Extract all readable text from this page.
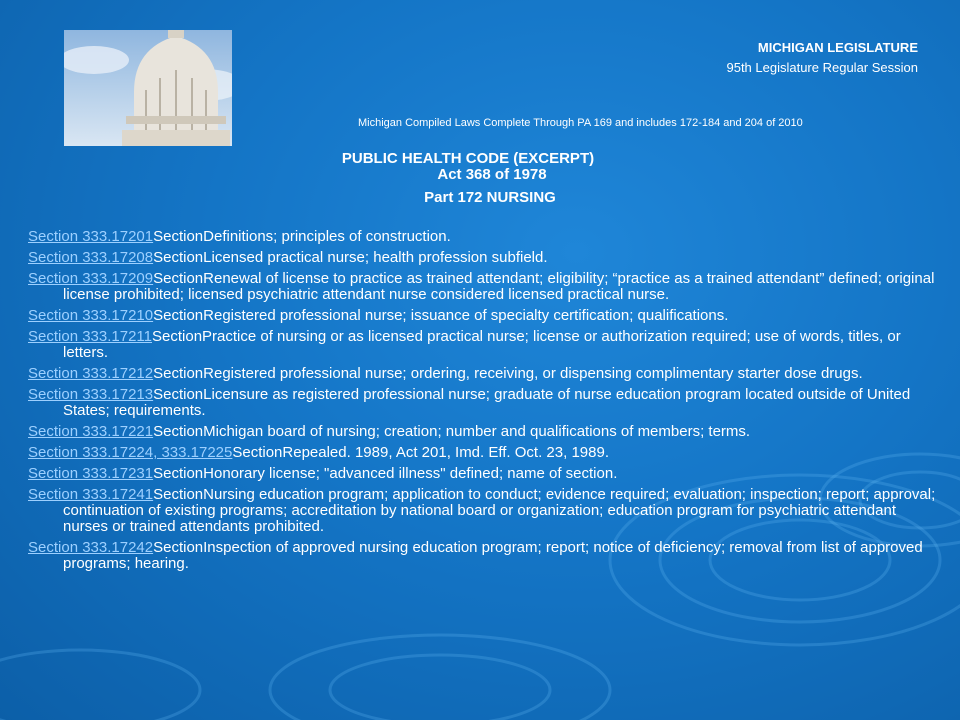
MICHIGAN LEGISLATURE
95th Legislature Regular Session
Michigan Compiled Laws Complete Through PA 169 and includes 172-184 and 204 of 2010
PUBLIC HEALTH CODE (EXCERPT)
Act 368 of 1978
Part 172 NURSING
Section 333.17201SectionDefinitions; principles of construction.
Section 333.17208SectionLicensed practical nurse; health profession subfield.
Section 333.17209SectionRenewal of license to practice as trained attendant; eligibility; “practice as a trained attendant” defined; original license prohibited; licensed psychiatric attendant nurse considered licensed practical nurse.
Section 333.17210SectionRegistered professional nurse; issuance of specialty certification; qualifications.
Section 333.17211SectionPractice of nursing or as licensed practical nurse; license or authorization required; use of words, titles, or letters.
Section 333.17212SectionRegistered professional nurse; ordering, receiving, or dispensing complimentary starter dose drugs.
Section 333.17213SectionLicensure as registered professional nurse; graduate of nurse education program located outside of United States; requirements.
Section 333.17221SectionMichigan board of nursing; creation; number and qualifications of members; terms.
Section 333.17224, 333.17225SectionRepealed. 1989, Act 201, Imd. Eff. Oct. 23, 1989.
Section 333.17231SectionHonorary license; "advanced illness" defined; name of section.
Section 333.17241SectionNursing education program; application to conduct; evidence required; evaluation; inspection; report; approval; continuation of existing programs; accreditation by national board or organization; education program for psychiatric attendant nurses or trained attendants prohibited.
Section 333.17242SectionInspection of approved nursing education program; report; notice of deficiency; removal from list of approved programs; hearing.
